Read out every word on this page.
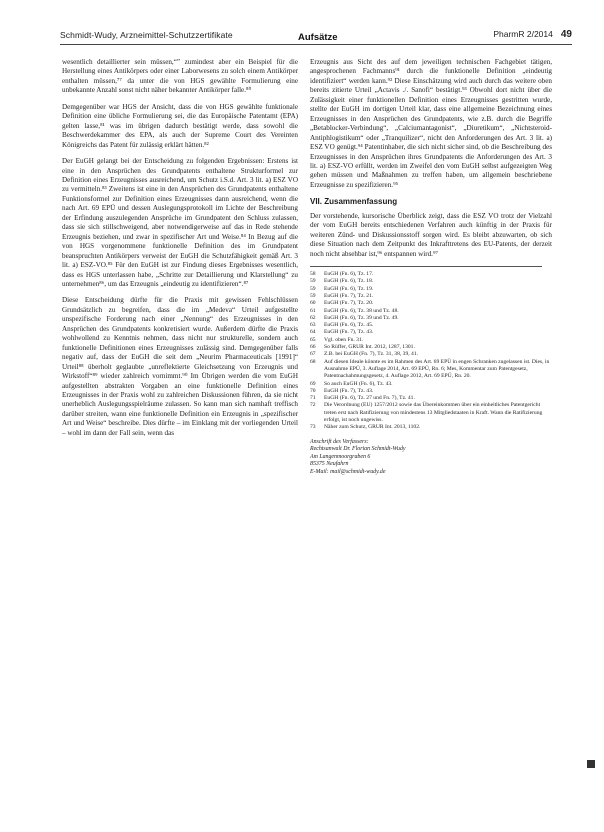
Schmidt-Wudy, Arzneimittel-Schutzzertifikate	Aufsätze	PharmR 2/2014 49

wesentlich detaillierter sein müssen,“” zumindest aber ein Beispiel für die Herstellung eines Antikörpers oder einer Laborwesens zu solch einem Antikörper enthalten müssen,⁷⁷ da unter die von HGS gewählte Formulierung eine unbekannte Anzahl sonst nicht näher bekannter Antikörper falle.⁸⁰

Demgegenüber war HGS der Ansicht, dass die von HGS gewählte funktionale Definition eine übliche Formulierung sei, die das Europäische Patentamt (EPA) gelten lasse,⁸¹ was im übrigen dadurch bestätigt werde, dass sowohl die Beschwerdekammer des EPA, als auch der Supreme Court des Vereinten Königreichs das Patent für zulässig erklärt hätten.⁸²

Der EuGH gelangt bei der Entscheidung zu folgenden Ergebnissen: Erstens ist eine in den Ansprüchen des Grundpatents enthaltene Strukturformel zur Definition eines Erzeugnisses ausreichend, um Schutz i.S.d. Art. 3 lit. a) ESZ VO zu vermitteln.⁸³ Zweitens ist eine in den Ansprüchen des Grundpatents enthaltene Funktionsformel zur Definition eines Erzeugnisses dann ausreichend, wenn die nach Art. 69 EPÜ und dessen Auslegungsprotokoll im Lichte der Beschreibung der Erfindung auszulegenden Ansprüche im Grundpatent den Schluss zulassen, dass sie sich stillschweigend, aber notwendigerweise auf das in Rede stehende Erzeugnis beziehen, und zwar in spezifischer Art und Weise.⁸⁴ In Bezug auf die von HGS vorgenommene funktionelle Definition des im Grundpatent beanspruchten Antikörpers verweist der EuGH die Schutzfähigkeit gemäß Art. 3 lit. a) ESZ-VO.⁸⁵ Für den EuGH ist zur Findung dieses Ergebnisses wesentlich, dass es HGS unterlassen habe, „Schritte zur Detaillierung und Klarstellung“ zu unternehmen⁸⁶, um das Erzeugnis „eindeutig zu identifizieren“.⁸⁷

Diese Entscheidung dürfte für die Praxis mit gewissen Fehlschlüssen Grundsätzlich zu begreifen, dass die im „Medeva“ Urteil aufgestellte unspezifische Forderung nach einer „Nennung“ des Erzeugnisses in den Ansprüchen des Grundpatents konkretisiert wurde. Außerdem dürfte die Praxis wohlwollend zu Kenntnis nehmen, dass nicht nur strukturelle, sondern auch funktionelle Definitionen eines Erzeugnisses zulässig sind. Demgegenüber falls negativ auf, dass der EuGH die seit dem „Neurim Pharmaceuticals [1991]“ Urteil⁸⁸ überholt geglaubte „unreflektierte Gleichsetzung von Erzeugnis und Wirkstoff“⁸⁹ wieder zahlreich vornimmt.⁹⁰ Im Übrigen werden die vom EuGH aufgestellten abstrakten Vorgaben an eine funktionelle Definition eines Erzeugnisses in der Praxis wohl zu zahlreichen Diskussionen führen, da sie nicht unerheblich Auslegungsspielräume zulassen. So kann man sich namhaft treffisch darüber streiten, wann eine funktionelle Definition ein Erzeugnis in „spezifischer Art und Weise“ beschreibe. Dies dürfte – im Einklang mit der vorliegenden Urteil – wohl im dann der Fall sein, wenn das

Erzeugnis aus Sicht des auf dem jeweiligen technischen Fachgebiet tätigen, angesprochenen Fachmanns⁹¹ durch die funktionelle Definition „eindeutig identifiziert“ werden kann.⁹² Diese Einschätzung wird auch durch das weitere oben bereits zitierte Urteil „Actavis ./. Sanofi“ bestätigt.⁹³ Obwohl dort nicht über die Zulässigkeit einer funktionellen Definition eines Erzeugnisses gestritten wurde, stellte der EuGH im dortigen Urteil klar, dass eine allgemeine Bezeichnung eines Erzeugnisses in den Ansprüchen des Grundpatents, wie z.B. durch die Begriffe „Betablocker-Verbindung“, „Calciumantagonist“, „Diuretikum“, „Nichtsteroid-Antiphlogistikum“ oder „Tranquilizer“, nicht den Anforderungen des Art. 3 lit. a) ESZ VO genügt.⁹⁴ Patentinhaber, die sich nicht sicher sind, ob die Beschreibung des Erzeugnisses in den Ansprüchen ihres Grundpatents die Anforderungen des Art. 3 lit. a) ESZ-VO erfüllt, werden im Zweifel den vom EuGH selbst aufgezeigten Weg gehen müssen und Maßnahmen zu treffen haben, um allgemein beschriebene Erzeugnisse zu spezifizieren.⁹⁵

VII. Zusammenfassung

Der vorstehende, kursorische Überblick zeigt, dass die ESZ VO trotz der Vielzahl der vom EuGH bereits entschiedenen Verfahren auch künftig in der Praxis für weiteren Zünd- und Diskussionsstoff sorgen wird. Es bleibt abzuwarten, ob sich diese Situation nach dem Zeitpunkt des Inkrafttretens des EU-Patents, der derzeit noch nicht absehbar ist,⁹⁶ entspannen wird.⁹⁷

58	EuGH (Fn. 6), Tz. 17.
59	EuGH (Fn. 6), Tz. 18.
59	EuGH (Fn. 6), Tz. 19.
59	EuGH (Fn. 7), Tz. 21.
60	EuGH (Fn. 7), Tz. 20.
61	EuGH (Fn. 6), Tz. 38 und Tz. 48.
62	EuGH (Fn. 6), Tz. 39 und Tz. 49.
63	EuGH (Fn. 6), Tz. 45.
64	EuGH (Fn. 7), Tz. 43.
65	Vgl. oben Fn. 31.
66	So Rüffer, GRUR Int. 2012, 1287, 1301.
67	Z.B. bei EuGH (Fn. 7), Tz. 31, 38, 39, 41.
68	Auf diesen Ideale könnte es im Rahmen des Art. 69 EPÜ in engen Schranken zugelassen ist. Dies, in Ausnahme EPÜ, 3. Auflage 2014, Art. 69 EPÜ, Rn. 6; Mes, Kommentar zum Patentgesetz, Patentnachahmungsgesetz, 4. Auflage 2012, Art. 69 EPÜ, Rn. 20.
69	So auch EuGH (Fn. 6), Tz. 43.
70	EuGH (Fn. 7), Tz. 43.
71	EuGH (Fn. 6), Tz. 27 und Fn. 7), Tz. 41.
72	Die Verordnung (EU) 1257/2012 sowie das Übereinkommen über ein einheitliches Patentgericht treten erst nach Ratifizierung von mindestens 13 Mitgliedstaaten in Kraft. Wann die Ratifizierung erfolgt, ist noch ungewiss.
73	Näher zum Schutz, GRUR Int. 2013, 1102.
Anschrift des Verfassers:
Rechtsanwalt Dr. Florian Schmidt-Wudy
Am Langenmoorgraben 6
85375 Neufahrn
E-Mail: mail@schmidt-wudy.de
